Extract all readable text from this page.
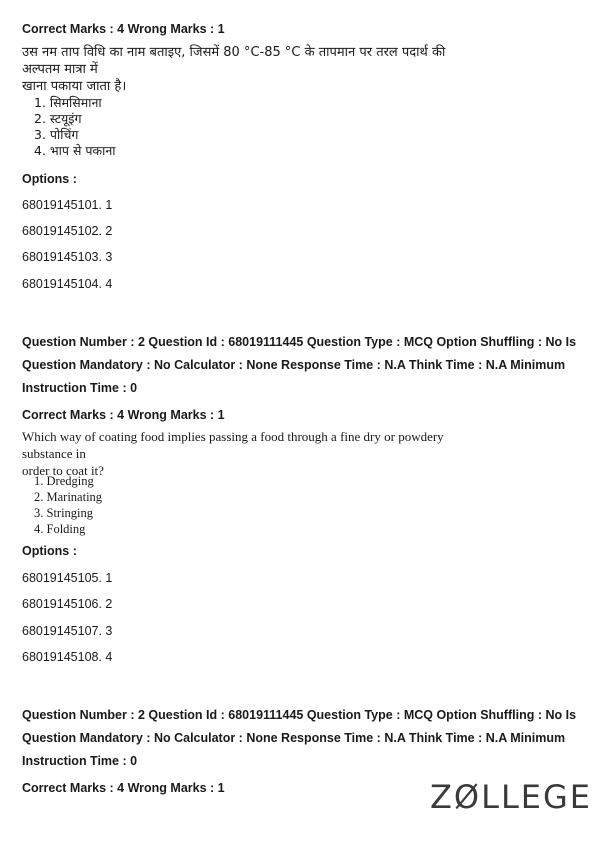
Correct Marks : 4 Wrong Marks : 1
उस नम ताप विधि का नाम बताइए, जिसमें 80 °C-85 °C के तापमान पर तरल पदार्थ की अल्पतम मात्रा में
खाना पकाया जाता है।
1. सिमसिमाना
2. स्टयूइंग
3. पोचिंग
4. भाप से पकाना
Options :
68019145101. 1
68019145102. 2
68019145103. 3
68019145104. 4
Question Number : 2 Question Id : 68019111445 Question Type : MCQ Option Shuffling : No Is
Question Mandatory : No Calculator : None Response Time : N.A Think Time : N.A Minimum
Instruction Time : 0
Correct Marks : 4 Wrong Marks : 1
Which way of coating food implies passing a food through a fine dry or powdery substance in
order to coat it?
1. Dredging
2. Marinating
3. Stringing
4. Folding
Options :
68019145105. 1
68019145106. 2
68019145107. 3
68019145108. 4
Question Number : 2 Question Id : 68019111445 Question Type : MCQ Option Shuffling : No Is
Question Mandatory : No Calculator : None Response Time : N.A Think Time : N.A Minimum
Instruction Time : 0
Correct Marks : 4 Wrong Marks : 1	ZØLLEGE
